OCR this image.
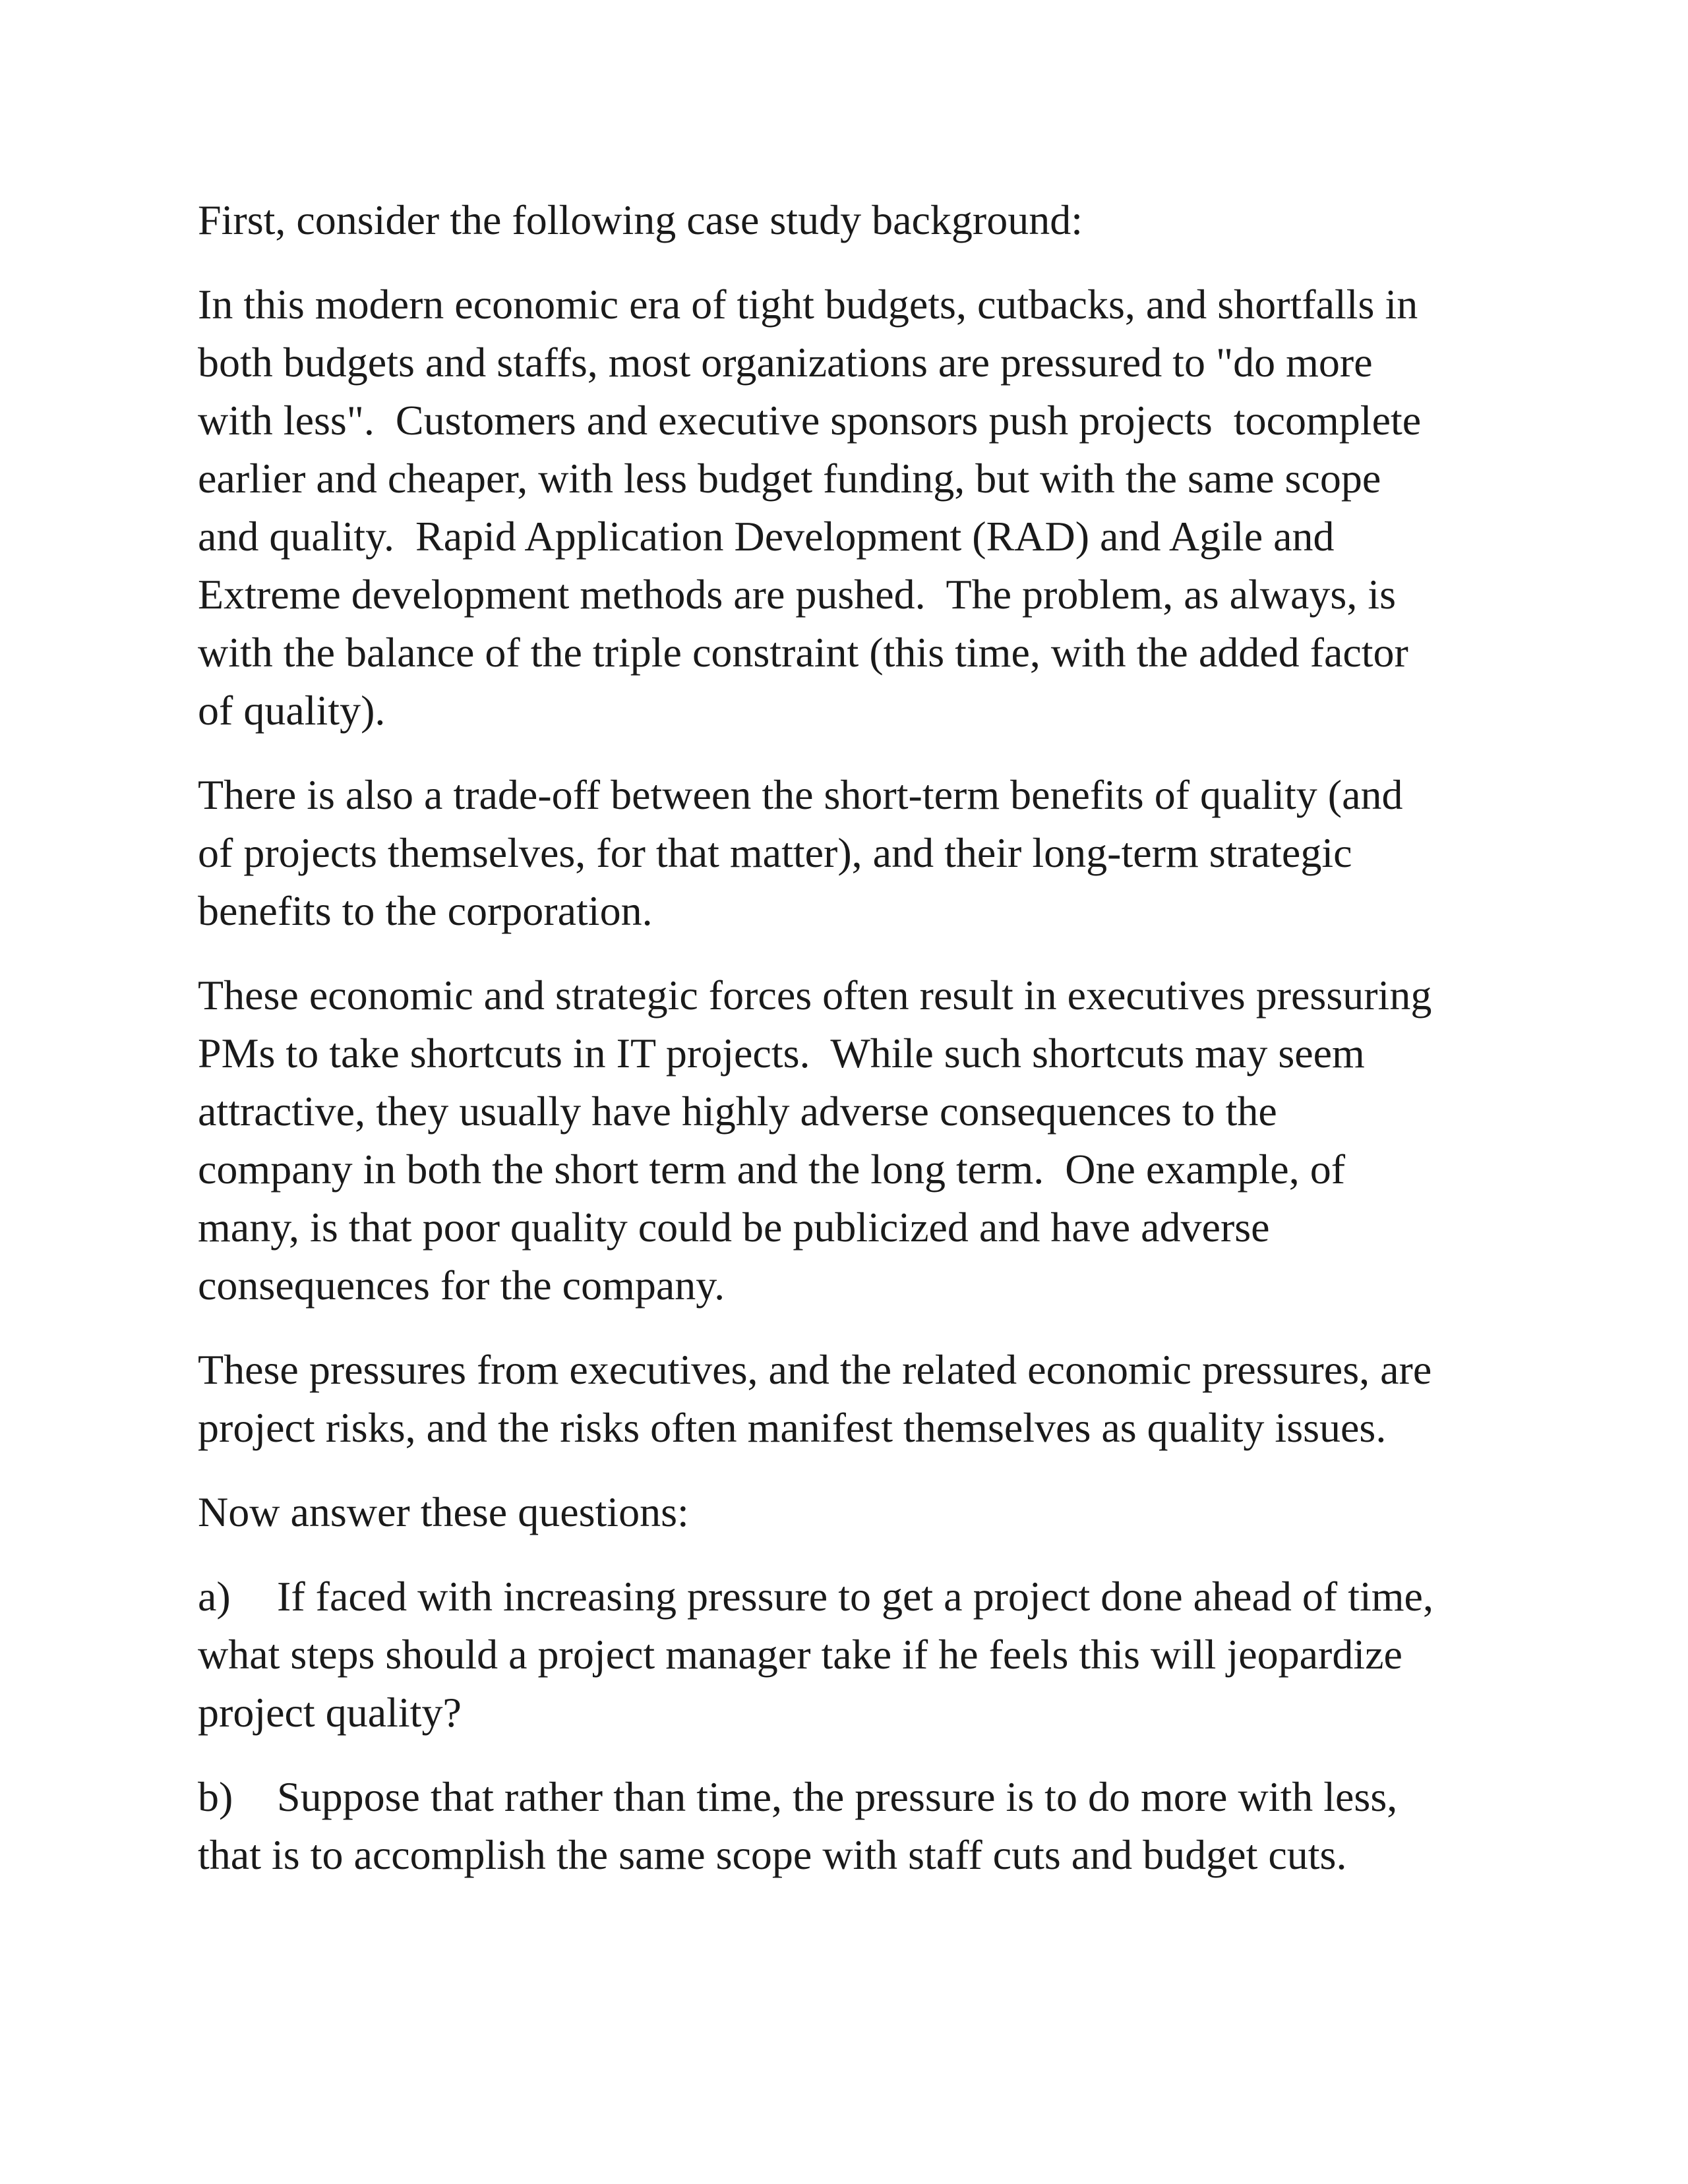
First, consider the following case study background:

In this modern economic era of tight budgets, cutbacks, and shortfalls in
both budgets and staffs, most organizations are pressured to "do more
with less".  Customers and executive sponsors push projects  tocomplete
earlier and cheaper, with less budget funding, but with the same scope
and quality.  Rapid Application Development (RAD) and Agile and
Extreme development methods are pushed.  The problem, as always, is
with the balance of the triple constraint (this time, with the added factor
of quality).

There is also a trade-off between the short-term benefits of quality (and
of projects themselves, for that matter), and their long-term strategic
benefits to the corporation.

These economic and strategic forces often result in executives pressuring
PMs to take shortcuts in IT projects.  While such shortcuts may seem
attractive, they usually have highly adverse consequences to the
company in both the short term and the long term.  One example, of
many, is that poor quality could be publicized and have adverse
consequences for the company.

These pressures from executives, and the related economic pressures, are
project risks, and the risks often manifest themselves as quality issues.

Now answer these questions:

a) If faced with increasing pressure to get a project done ahead of time,
what steps should a project manager take if he feels this will jeopardize
project quality?

b) Suppose that rather than time, the pressure is to do more with less,
that is to accomplish the same scope with staff cuts and budget cuts.
